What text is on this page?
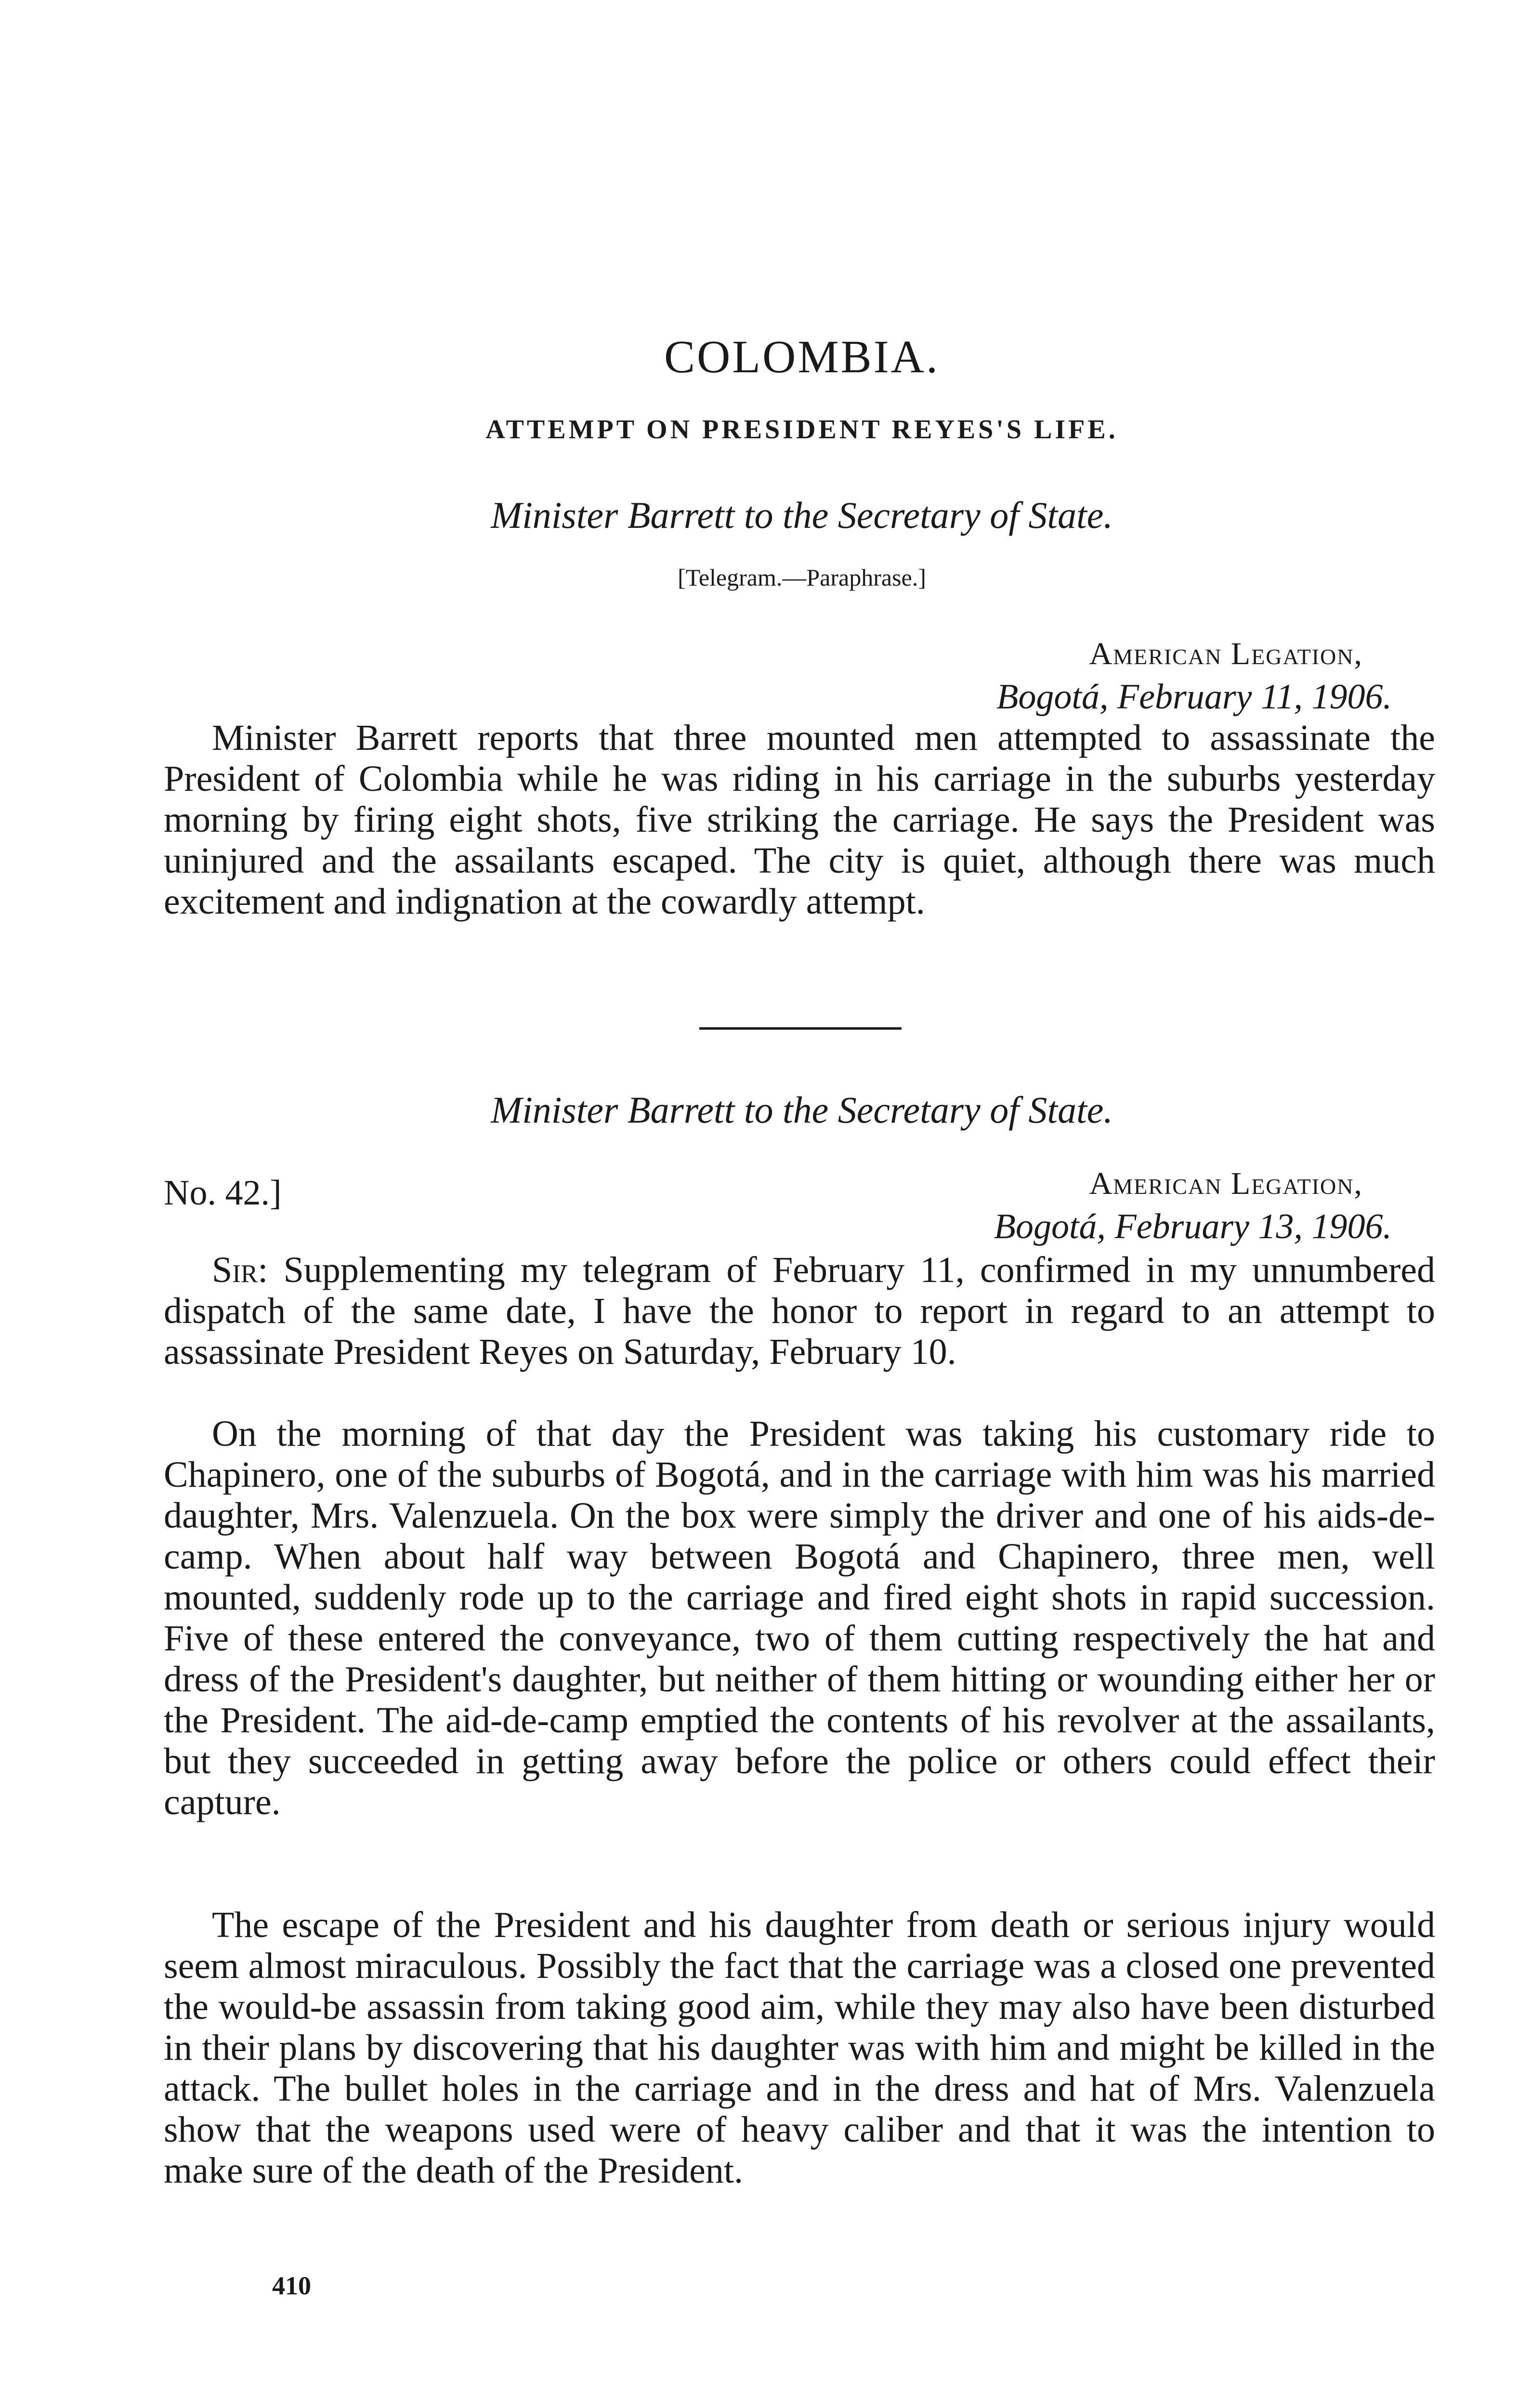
COLOMBIA.
ATTEMPT ON PRESIDENT REYES'S LIFE.
Minister Barrett to the Secretary of State.
[Telegram.—Paraphrase.]
American Legation,
Bogotá, February 11, 1906.

Minister Barrett reports that three mounted men attempted to assassinate the President of Colombia while he was riding in his carriage in the suburbs yesterday morning by firing eight shots, five striking the carriage. He says the President was uninjured and the assailants escaped. The city is quiet, although there was much excitement and indignation at the cowardly attempt.

Minister Barrett to the Secretary of State.
No. 42.]	American Legation,
Bogotá, February 13, 1906.

Sir: Supplementing my telegram of February 11, confirmed in my unnumbered dispatch of the same date, I have the honor to report in regard to an attempt to assassinate President Reyes on Saturday, February 10.

On the morning of that day the President was taking his customary ride to Chapinero, one of the suburbs of Bogotá, and in the carriage with him was his married daughter, Mrs. Valenzuela. On the box were simply the driver and one of his aids-de-camp. When about half way between Bogotá and Chapinero, three men, well mounted, suddenly rode up to the carriage and fired eight shots in rapid succession. Five of these entered the conveyance, two of them cutting respectively the hat and dress of the President's daughter, but neither of them hitting or wounding either her or the President. The aid-de-camp emptied the contents of his revolver at the assailants, but they succeeded in getting away before the police or others could effect their capture.

The escape of the President and his daughter from death or serious injury would seem almost miraculous. Possibly the fact that the carriage was a closed one prevented the would-be assassin from taking good aim, while they may also have been disturbed in their plans by discovering that his daughter was with him and might be killed in the attack. The bullet holes in the carriage and in the dress and hat of Mrs. Valenzuela show that the weapons used were of heavy caliber and that it was the intention to make sure of the death of the President.

410
